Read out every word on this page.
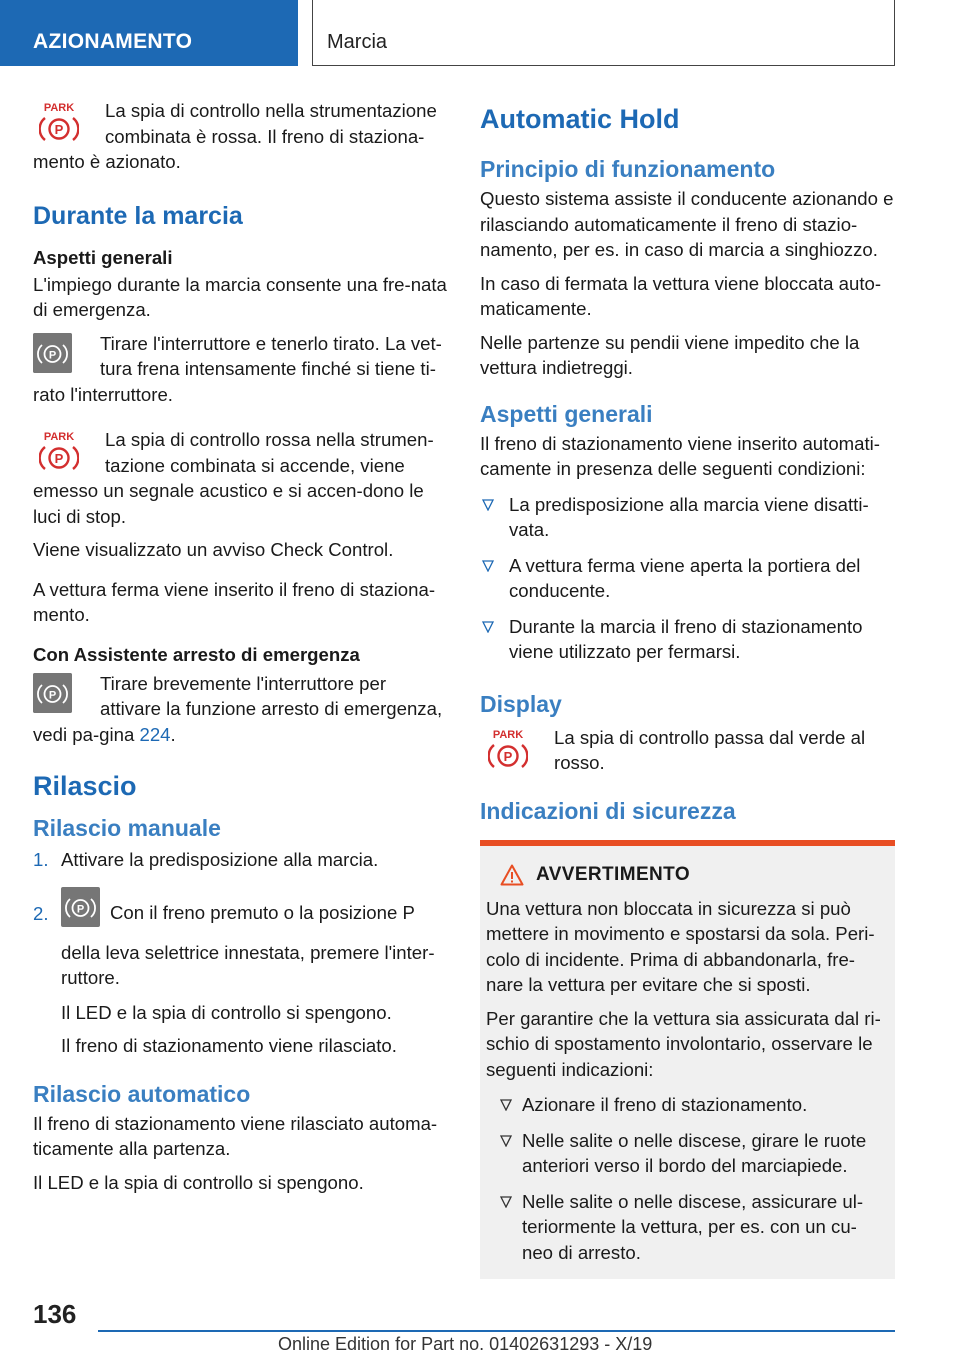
AZIONAMENTO	Marcia
PARK
P

La spia di controllo nella strumentazione combinata è rossa. Il freno di staziona-mento è azionato.

Durante la marcia
Aspetti generali

L'impiego durante la marcia consente una fre-nata di emergenza.

P

Tirare l'interruttore e tenerlo tirato. La vet-tura frena intensamente finché si tiene ti-rato l'interruttore.

PARK
P

La spia di controllo rossa nella strumen-tazione combinata si accende, viene emesso un segnale acustico e si accen-dono le luci di stop.

Viene visualizzato un avviso Check Control.

A vettura ferma viene inserito il freno di staziona-mento.

Con Assistente arresto di emergenza
P

Tirare brevemente l'interruttore per attivare la funzione arresto di emergenza, vedi pa-gina 224.

Rilascio
Rilascio manuale
1. Attivare la predisposizione alla marcia.
2.	P Con il freno premuto o la posizione P della leva selettrice innestata, premere l'inter-ruttore.
Il LED e la spia di controllo si spengono.
Il freno di stazionamento viene rilasciato.
Rilascio automatico

Il freno di stazionamento viene rilasciato automa-ticamente alla partenza.

Il LED e la spia di controllo si spengono.

Automatic Hold
Principio di funzionamento

Questo sistema assiste il conducente azionando e rilasciando automaticamente il freno di stazio-namento, per es. in caso di marcia a singhiozzo.

In caso di fermata la vettura viene bloccata auto-maticamente.

Nelle partenze su pendii viene impedito che la vettura indietreggi.

Aspetti generali

Il freno di stazionamento viene inserito automati-camente in presenza delle seguenti condizioni:

La predisposizione alla marcia viene disatti-vata.
A vettura ferma viene aperta la portiera del conducente.
Durante la marcia il freno di stazionamento viene utilizzato per fermarsi.
Display
PARK
P

La spia di controllo passa dal verde al rosso.

Indicazioni di sicurezza
AVVERTIMENTO

Una vettura non bloccata in sicurezza si può mettere in movimento e spostarsi da sola. Peri-colo di incidente. Prima di abbandonarla, fre-nare la vettura per evitare che si sposti.

Per garantire che la vettura sia assicurata dal ri-schio di spostamento involontario, osservare le seguenti indicazioni:

Azionare il freno di stazionamento.
Nelle salite o nelle discese, girare le ruote anteriori verso il bordo del marciapiede.
Nelle salite o nelle discese, assicurare ul-teriormente la vettura, per es. con un cu-neo di arresto.
136
Online Edition for Part no. 01402631293 - X/19
